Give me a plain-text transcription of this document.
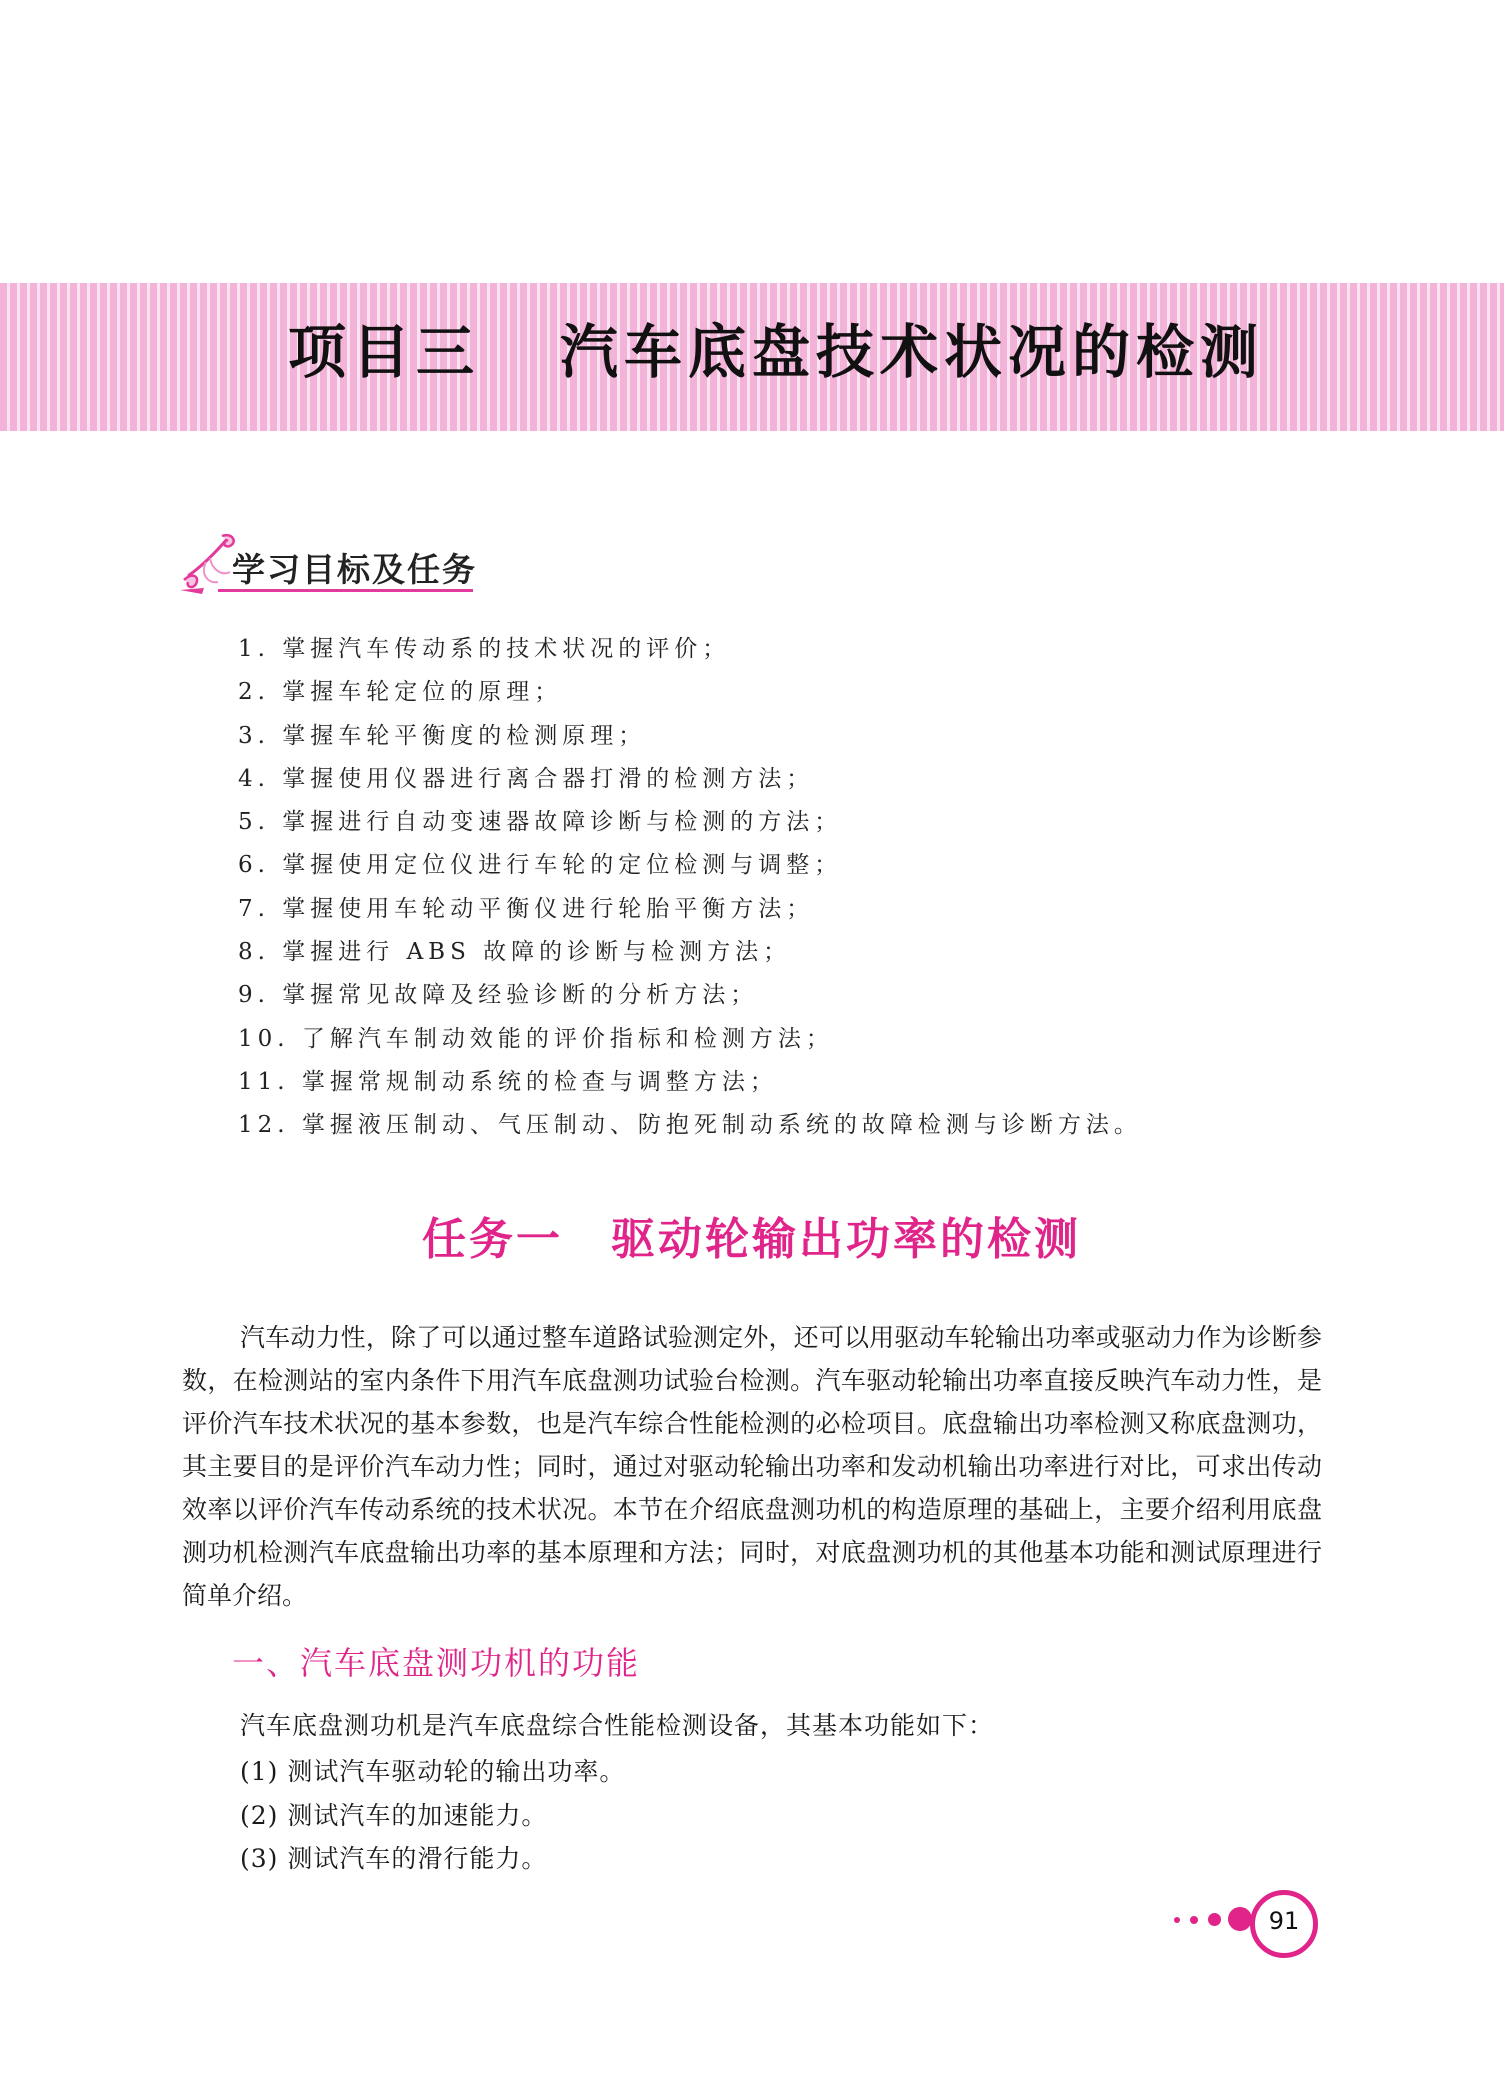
项目三 汽车底盘技术状况的检测
学习目标及任务
1. 掌握汽车传动系的技术状况的评价；
2. 掌握车轮定位的原理；
3. 掌握车轮平衡度的检测原理；
4. 掌握使用仪器进行离合器打滑的检测方法；
5. 掌握进行自动变速器故障诊断与检测的方法；
6. 掌握使用定位仪进行车轮的定位检测与调整；
7. 掌握使用车轮动平衡仪进行轮胎平衡方法；
8. 掌握进行 ABS 故障的诊断与检测方法；
9. 掌握常见故障及经验诊断的分析方法；
10. 了解汽车制动效能的评价指标和检测方法；
11. 掌握常规制动系统的检查与调整方法；
12. 掌握液压制动、气压制动、防抱死制动系统的故障检测与诊断方法。
任务一 驱动轮输出功率的检测

汽车动力性，除了可以通过整车道路试验测定外，还可以用驱动车轮输出功率或驱动力作为诊断参数，在检测站的室内条件下用汽车底盘测功试验台检测。汽车驱动轮输出功率直接反映汽车动力性，是评价汽车技术状况的基本参数，也是汽车综合性能检测的必检项目。底盘输出功率检测又称底盘测功，其主要目的是评价汽车动力性；同时，通过对驱动轮输出功率和发动机输出功率进行对比，可求出传动效率以评价汽车传动系统的技术状况。本节在介绍底盘测功机的构造原理的基础上，主要介绍利用底盘测功机检测汽车底盘输出功率的基本原理和方法；同时，对底盘测功机的其他基本功能和测试原理进行简单介绍。

一、汽车底盘测功机的功能

汽车底盘测功机是汽车底盘综合性能检测设备，其基本功能如下：

(1) 测试汽车驱动轮的输出功率。
(2) 测试汽车的加速能力。
(3) 测试汽车的滑行能力。
91
